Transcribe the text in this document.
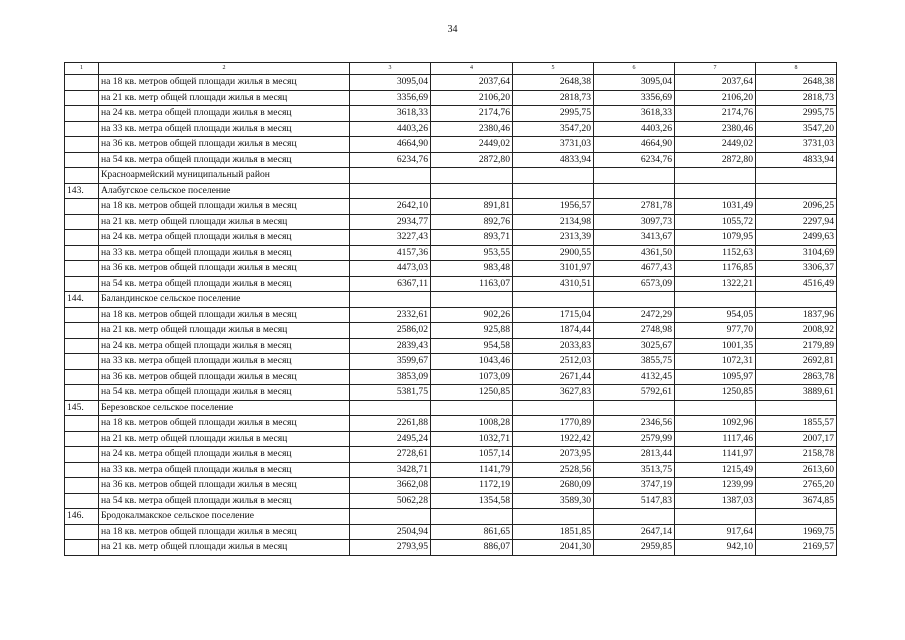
34
1	2	3	4	5	6	7	8
	на 18 кв. метров общей площади жилья в месяц	3095,04	2037,64	2648,38	3095,04	2037,64	2648,38
	на 21 кв. метр общей площади жилья в месяц	3356,69	2106,20	2818,73	3356,69	2106,20	2818,73
	на 24 кв. метра общей площади жилья в месяц	3618,33	2174,76	2995,75	3618,33	2174,76	2995,75
	на 33 кв. метра общей площади жилья в месяц	4403,26	2380,46	3547,20	4403,26	2380,46	3547,20
	на 36 кв. метров общей площади жилья в месяц	4664,90	2449,02	3731,03	4664,90	2449,02	3731,03
	на 54 кв. метра общей площади жилья в месяц	6234,76	2872,80	4833,94	6234,76	2872,80	4833,94
	Красноармейский муниципальный район						
143.	Алабугское сельское поселение						
	на 18 кв. метров общей площади жилья в месяц	2642,10	891,81	1956,57	2781,78	1031,49	2096,25
	на 21 кв. метр общей площади жилья в месяц	2934,77	892,76	2134,98	3097,73	1055,72	2297,94
	на 24 кв. метра общей площади жилья в месяц	3227,43	893,71	2313,39	3413,67	1079,95	2499,63
	на 33 кв. метра общей площади жилья в месяц	4157,36	953,55	2900,55	4361,50	1152,63	3104,69
	на 36 кв. метров общей площади жилья в месяц	4473,03	983,48	3101,97	4677,43	1176,85	3306,37
	на 54 кв. метра общей площади жилья в месяц	6367,11	1163,07	4310,51	6573,09	1322,21	4516,49
144.	Баландинское сельское поселение						
	на 18 кв. метров общей площади жилья в месяц	2332,61	902,26	1715,04	2472,29	954,05	1837,96
	на 21 кв. метр общей площади жилья в месяц	2586,02	925,88	1874,44	2748,98	977,70	2008,92
	на 24 кв. метра общей площади жилья в месяц	2839,43	954,58	2033,83	3025,67	1001,35	2179,89
	на 33 кв. метра общей площади жилья в месяц	3599,67	1043,46	2512,03	3855,75	1072,31	2692,81
	на 36 кв. метров общей площади жилья в месяц	3853,09	1073,09	2671,44	4132,45	1095,97	2863,78
	на 54 кв. метра общей площади жилья в месяц	5381,75	1250,85	3627,83	5792,61	1250,85	3889,61
145.	Березовское сельское поселение						
	на 18 кв. метров общей площади жилья в месяц	2261,88	1008,28	1770,89	2346,56	1092,96	1855,57
	на 21 кв. метр общей площади жилья в месяц	2495,24	1032,71	1922,42	2579,99	1117,46	2007,17
	на 24 кв. метра общей площади жилья в месяц	2728,61	1057,14	2073,95	2813,44	1141,97	2158,78
	на 33 кв. метра общей площади жилья в месяц	3428,71	1141,79	2528,56	3513,75	1215,49	2613,60
	на 36 кв. метров общей площади жилья в месяц	3662,08	1172,19	2680,09	3747,19	1239,99	2765,20
	на 54 кв. метра общей площади жилья в месяц	5062,28	1354,58	3589,30	5147,83	1387,03	3674,85
146.	Бродокалмакское сельское поселение						
	на 18 кв. метров общей площади жилья в месяц	2504,94	861,65	1851,85	2647,14	917,64	1969,75
	на 21 кв. метр общей площади жилья в месяц	2793,95	886,07	2041,30	2959,85	942,10	2169,57
